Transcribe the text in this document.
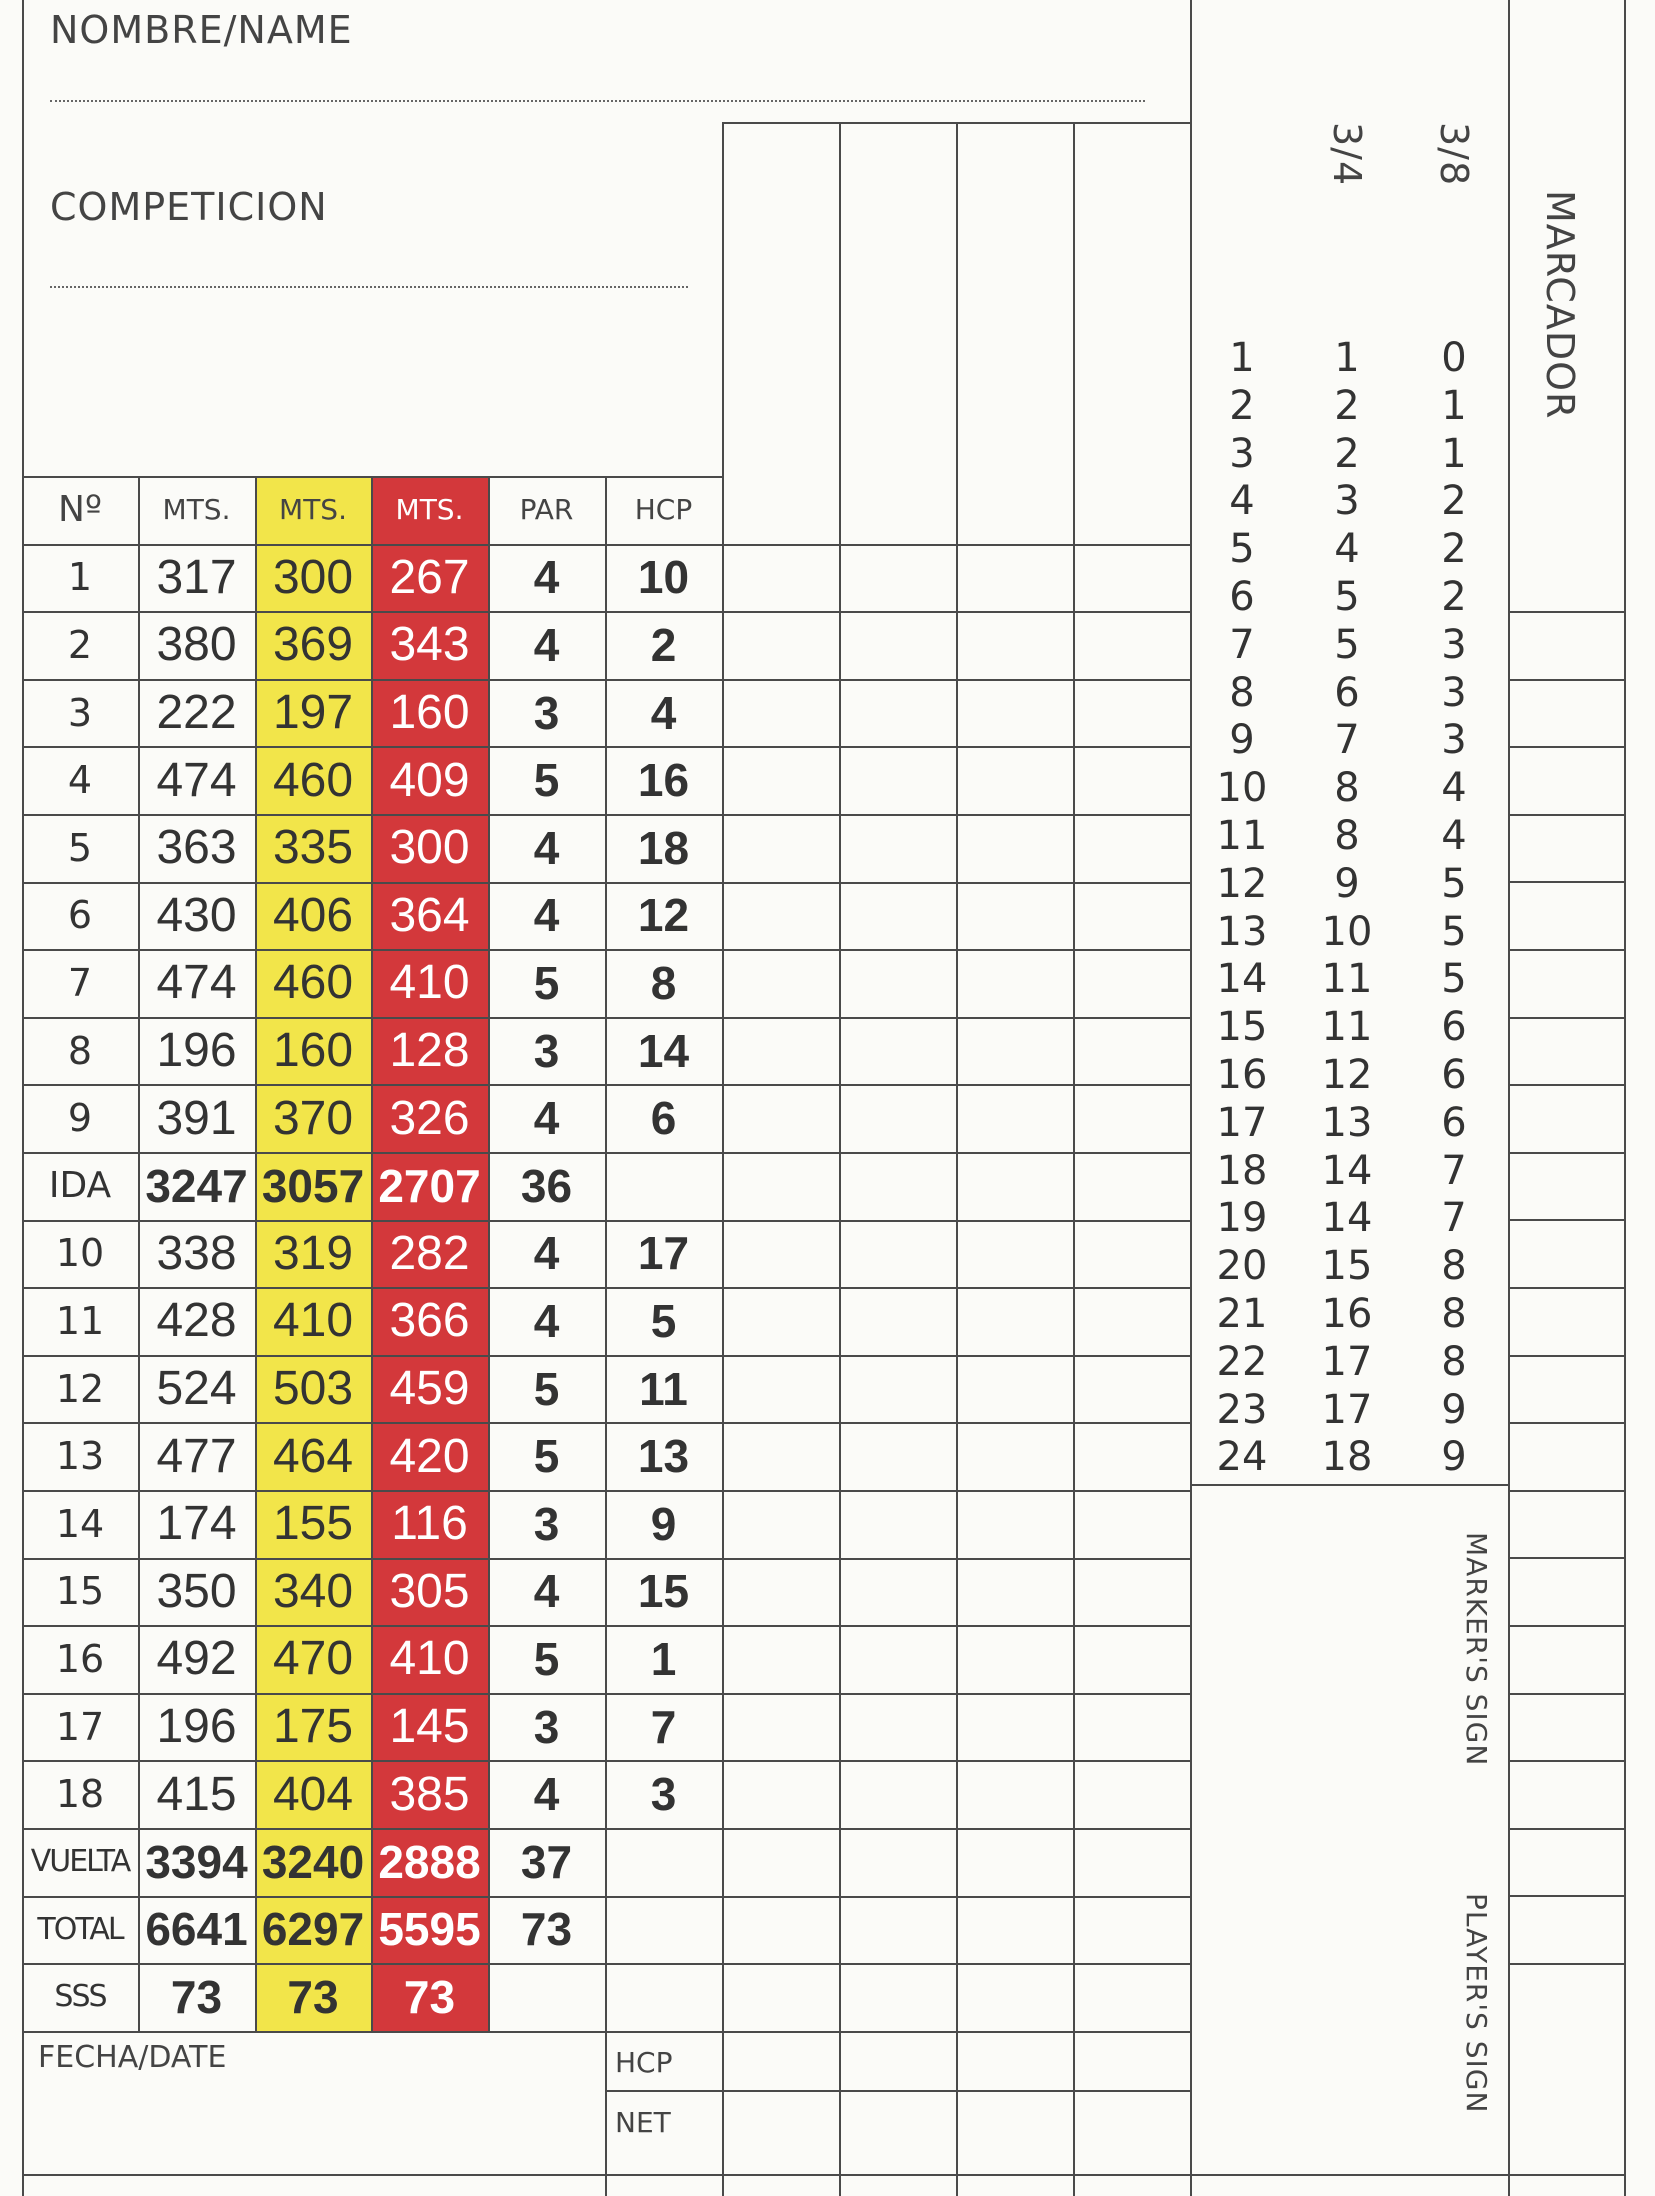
NOMBRE/NAME
COMPETICION
Nº	MTS.	MTS.	MTS.	PAR	HCP
1	317 300 267	4	10
2	380 369 343	4	2
3	222 197 160	3	4
4	474 460 409	5	16
5	363 335 300	4	18
6	430 406 364	4	12
7	474 460 410	5	8
8	196 160 128	3	14
9	391 370 326	4	6
IDA 3247 3057 2707 36
10	338 319 282	4	17
11	428 410 366	4	5
12	524 503 459	5	11
13	477 464 420	5	13
14	174 155 116	3	9
15	350 340 305	4	15
16	492 470 410	5	1
17	196 175 145	3	7
18	415 404 385	4	3
VUELTA 3394 3240 2888 37
TOTAL 6641 6297 5595 73
SSS	73	73	73
FECHA/DATE	HCP
NET
3/4 3/8
1	1	0
2	2	1
3	2	1
4	3	2
5	4	2
6	5	2
7	5	3
8	6	3
9	7	3
10	8	4
11	8	4
12	9	5
13	10	5
14	11	5
15	11	6
16	12	6
17	13	6
18	14	7
19	14	7
20	15	8
21	16	8
22	17	8
23	17	9
24	18	9
MARCADOR
MARKER'S SIGN
PLAYER'S SIGN
